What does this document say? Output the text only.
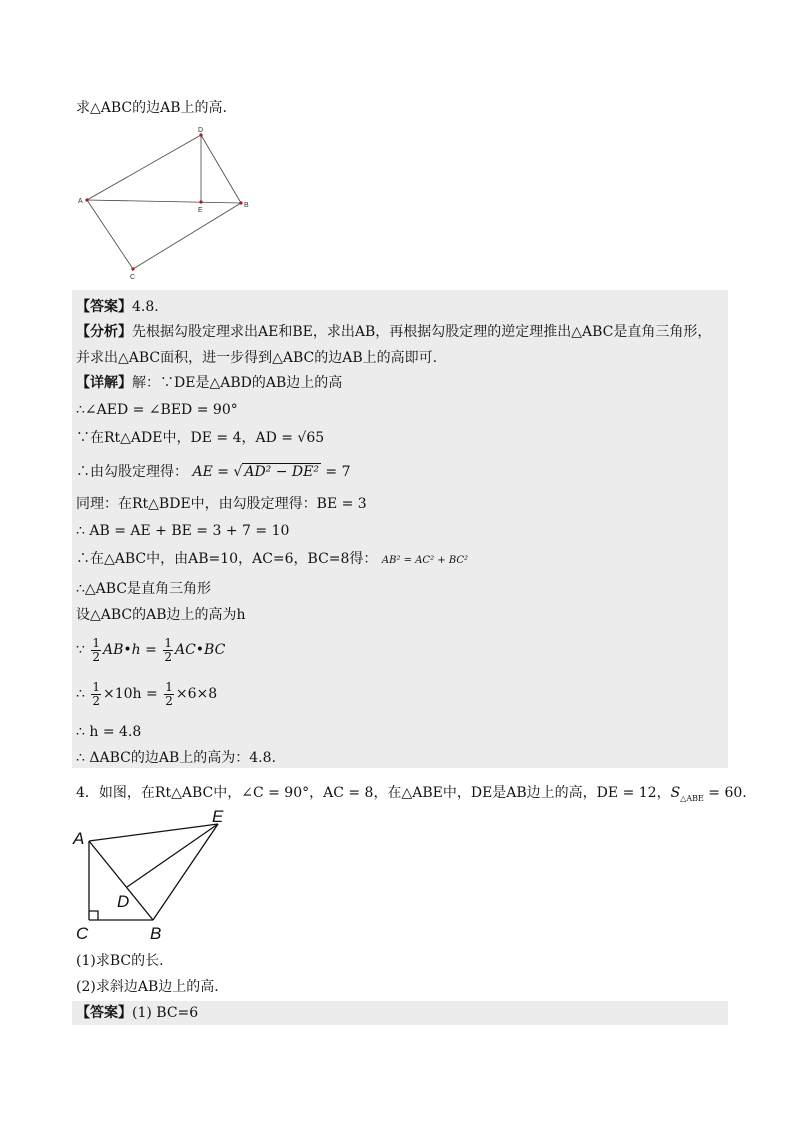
求△ABC的边AB上的高.
D
A
E
B
C
【答案】4.8.
【分析】先根据勾股定理求出AE和BE，求出AB，再根据勾股定理的逆定理推出△ABC是直角三角形，
并求出△ABC面积，进一步得到△ABC的边AB上的高即可.
【详解】解：∵DE是△ABD的AB边上的高
∴∠AED = ∠BED = 90°
∵在Rt△ADE中，DE = 4，AD = √65
∴由勾股定理得： AE = √ AD² − DE² = 7
同理：在Rt△BDE中，由勾股定理得：BE = 3
∴ AB = AE + BE = 3 + 7 = 10
∴在△ABC中，由AB=10，AC=6，BC=8得： AB² = AC² + BC²
∴△ABC是直角三角形
设△ABC的AB边上的高为h
∵ $\frac{1}{2}$ AB•h = $\frac{1}{2}$ AC•BC
∴ $\frac{1}{2} \times 10h = \frac{1}{2} \times 6\times 8$
∴ h = 4.8
∴ ΔABC的边AB上的高为：4.8.
4．如图，在Rt△ABC中，∠C = 90°，AC = 8，在△ABE中，DE是AB边上的高，DE = 12，$S_{\triangle ABE} = 60$.
A
E
D
C	B
(1)求BC的长.
(2)求斜边AB边上的高.
【答案】(1) BC=6
